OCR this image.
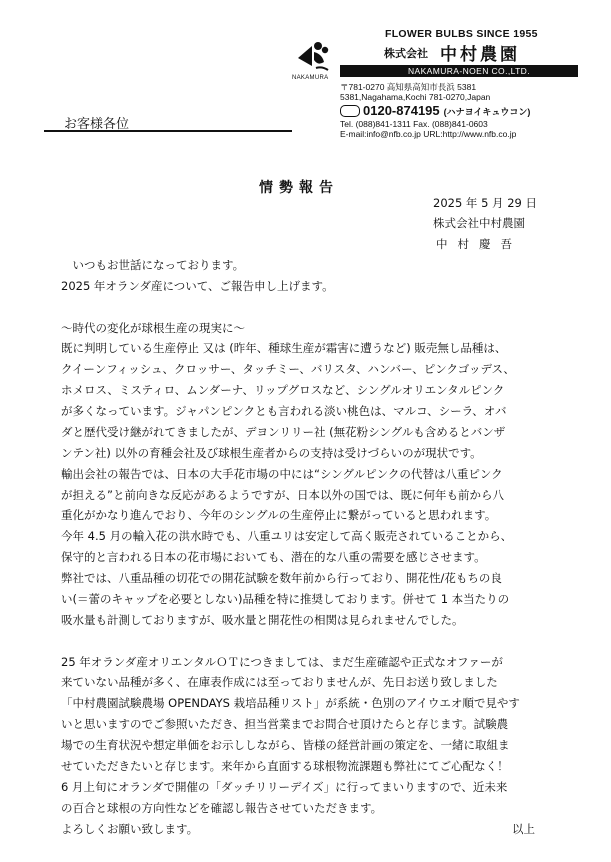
NAKAMURA
FLOWER BULBS SINCE 1955
株式会社 中村農園
NAKAMURA-NOEN CO.,LTD.
〒781-0270 高知県高知市長浜 5381
5381,Nagahama,Kochi 781-0270,Japan
0120-874195 (ハナヨイキュウコン)
Tel. (088)841-1311 Fax. (088)841-0603
E-mail:info@nfb.co.jp URL:http://www.nfb.co.jp
お客様各位
情勢報告
2025 年 5 月 29 日
株式会社中村農園
中村慶吾
　いつもお世話になっております。
2025 年オランダ産について、ご報告申し上げます。
～時代の変化が球根生産の現実に～
既に判明している生産停止 又は (昨年、種球生産が霜害に遭うなど) 販売無し品種は、
クイーンフィッシュ、クロッサー、タッチミー、バリスタ、ハンバー、ピンクゴッデス、
ホメロス、ミスティロ、ムンダーナ、リップグロスなど、シングルオリエンタルピンク
が多くなっています。ジャパンピンクとも言われる淡い桃色は、マルコ、シーラ、オバ
ダと歴代受け継がれてきましたが、デヨンリリー社 (無花粉シングルも含めるとバンザ
ンテン社) 以外の育種会社及び球根生産者からの支持は受けづらいのが現状です。
輸出会社の報告では、日本の大手花市場の中には“シングルピンクの代替は八重ピンク
が担える”と前向きな反応があるようですが、日本以外の国では、既に何年も前から八
重化がかなり進んでおり、今年のシングルの生産停止に繋がっていると思われます。
今年 4.5 月の輸入花の洪水時でも、八重ユリは安定して高く販売されていることから、
保守的と言われる日本の花市場においても、潜在的な八重の需要を感じさせます。
弊社では、八重品種の切花での開花試験を数年前から行っており、開花性/花もちの良
い(＝蕾のキャップを必要としない)品種を特に推奨しております。併せて 1 本当たりの
吸水量も計測しておりますが、吸水量と開花性の相関は見られませんでした。
25 年オランダ産オリエンタルＯＴにつきましては、まだ生産確認や正式なオファーが
来ていない品種が多く、在庫表作成には至っておりませんが、先日お送り致しました
「中村農園試験農場 OPENDAYS 栽培品種リスト」が系統・色別のアイウエオ順で見やす
いと思いますのでご参照いただき、担当営業までお問合せ頂けたらと存じます。試験農
場での生育状況や想定単価をお示ししながら、皆様の経営計画の策定を、一緒に取組ま
せていただきたいと存じます。来年から直面する球根物流課題も弊社にてご心配なく！
6 月上旬にオランダで開催の「ダッチリリーデイズ」に行ってまいりますので、近未来
の百合と球根の方向性などを確認し報告させていただきます。
よろしくお願い致します。	以上
